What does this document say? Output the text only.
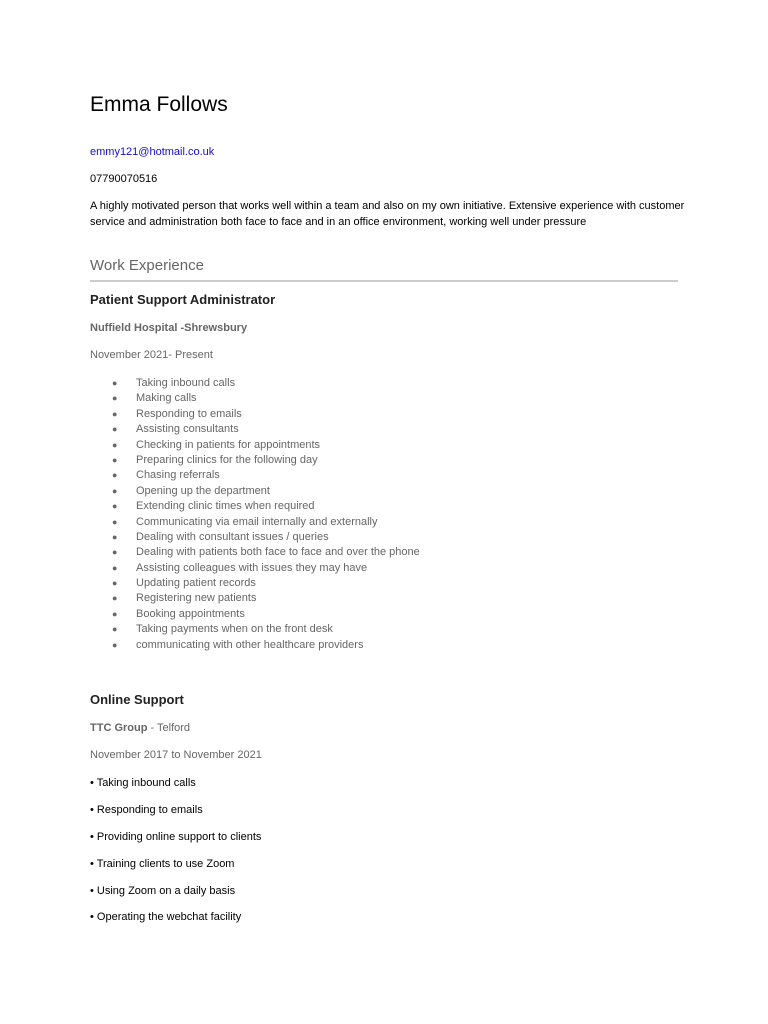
Emma Follows
emmy121@hotmail.co.uk
07790070516

A highly motivated person that works well within a team and also on my own initiative. Extensive experience with customer service and administration both face to face and in an office environment, working well under pressure

Work Experience
Patient Support Administrator
Nuffield Hospital -Shrewsbury
November 2021- Present
● Taking inbound calls
● Making calls
● Responding to emails
● Assisting consultants
● Checking in patients for appointments
● Preparing clinics for the following day
● Chasing referrals
● Opening up the department
● Extending clinic times when required
● Communicating via email internally and externally
● Dealing with consultant issues / queries
● Dealing with patients both face to face and over the phone
● Assisting colleagues with issues they may have
● Updating patient records
● Registering new patients
● Booking appointments
● Taking payments when on the front desk
● communicating with other healthcare providers
Online Support
TTC Group - Telford
November 2017 to November 2021
• Taking inbound calls
• Responding to emails
• Providing online support to clients
• Training clients to use Zoom
• Using Zoom on a daily basis
• Operating the webchat facility
